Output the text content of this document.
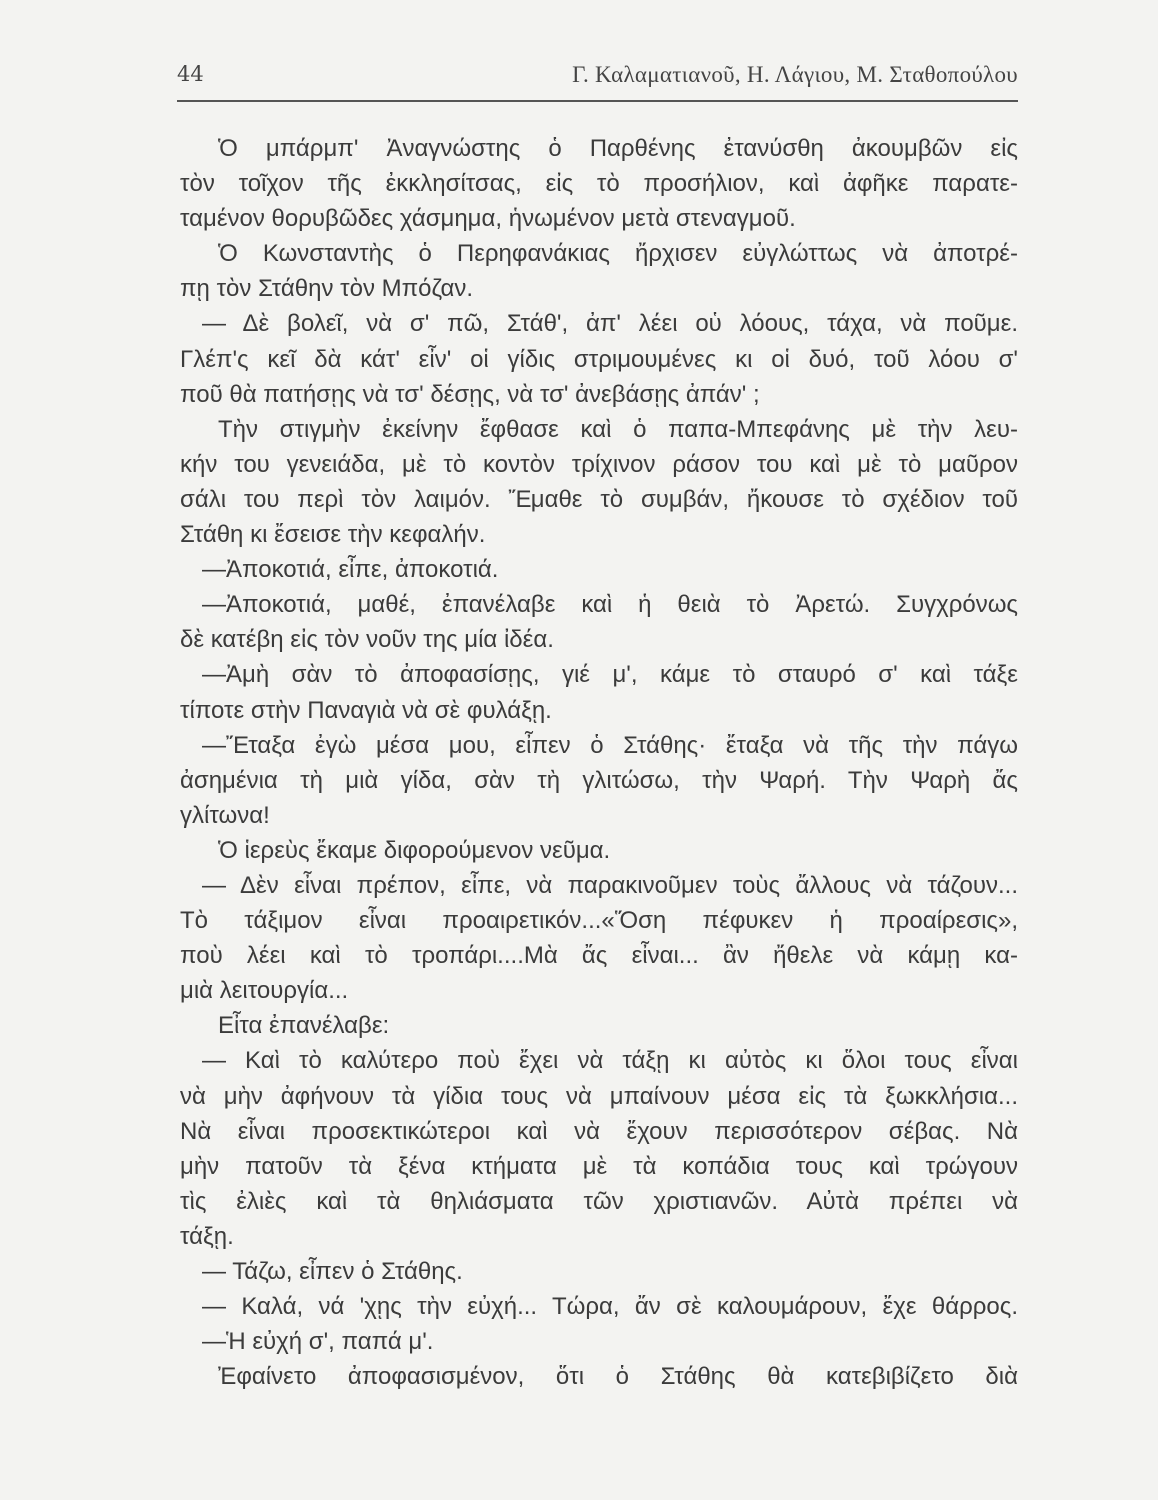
44	Γ. Καλαματιανοῦ, Η. Λάγιου, Μ. Σταθοπούλου
Ὁ μπάρμπ' Ἀναγνώστης ὁ Παρθένης ἐτανύσθη ἀκουμβῶν εἰς
τὸν τοῖχον τῆς ἐκκλησίτσας, εἰς τὸ προσήλιον, καὶ ἀφῆκε παρατε-
ταμένον θορυβῶδες χάσμημα, ἡνωμένον μετὰ στεναγμοῦ.
Ὁ Κωνσταντὴς ὁ Περηφανάκιας ἤρχισεν εὐγλώττως νὰ ἀποτρέ-
πῃ τὸν Στάθην τὸν Μπόζαν.
— Δὲ βολεῖ, νὰ σ' πῶ, Στάθ', ἀπ' λέει οὑ λόους, τάχα, νὰ ποῦμε.
Γλέπ'ς κεῖ δὰ κάτ' εἶν' οἱ γίδις στριμουμένες κι οἱ δυό, τοῦ λόου σ'
ποῦ θὰ πατήσῃς νὰ τσ' δέσῃς, νὰ τσ' ἀνεβάσῃς ἀπάν' ;
Τὴν στιγμὴν ἐκείνην ἔφθασε καὶ ὁ παπα-Μπεφάνης μὲ τὴν λευ-
κήν του γενειάδα, μὲ τὸ κοντὸν τρίχινον ράσον του καὶ μὲ τὸ μαῦρον
σάλι του περὶ τὸν λαιμόν. Ἔμαθε τὸ συμβάν, ἤκουσε τὸ σχέδιον τοῦ
Στάθη κι ἔσεισε τὴν κεφαλήν.
—Ἀποκοτιά, εἶπε, ἀποκοτιά.
—Ἀποκοτιά, μαθέ, ἐπανέλαβε καὶ ἡ θειὰ τὸ Ἀρετώ. Συγχρόνως
δὲ κατέβη εἰς τὸν νοῦν της μία ἰδέα.
—Ἀμὴ σὰν τὸ ἀποφασίσῃς, γιέ μ', κάμε τὸ σταυρό σ' καὶ τάξε
τίποτε στὴν Παναγιὰ νὰ σὲ φυλάξῃ.
—Ἔταξα ἐγὼ μέσα μου, εἶπεν ὁ Στάθης· ἔταξα νὰ τῆς τὴν πάγω
ἀσημένια τὴ μιὰ γίδα, σὰν τὴ γλιτώσω, τὴν Ψαρή. Τὴν Ψαρὴ ἄς
γλίτωνα!
Ὁ ἱερεὺς ἔκαμε διφορούμενον νεῦμα.
— Δὲν εἶναι πρέπον, εἶπε, νὰ παρακινοῦμεν τοὺς ἄλλους νὰ τάζουν...
Τὸ τάξιμον εἶναι προαιρετικόν...«Ὅση πέφυκεν ἡ προαίρεσις»,
ποὺ λέει καὶ τὸ τροπάρι....Μὰ ἄς εἶναι... ἂν ἤθελε νὰ κάμῃ κα-
μιὰ λειτουργία...
Εἶτα ἐπανέλαβε:
— Καὶ τὸ καλύτερο ποὺ ἔχει νὰ τάξῃ κι αὐτὸς κι ὅλοι τους εἶναι
νὰ μὴν ἀφήνουν τὰ γίδια τους νὰ μπαίνουν μέσα εἰς τὰ ξωκκλήσια...
Νὰ εἶναι προσεκτικώτεροι καὶ νὰ ἔχουν περισσότερον σέβας. Νὰ
μὴν πατοῦν τὰ ξένα κτήματα μὲ τὰ κοπάδια τους καὶ τρώγουν
τὶς ἐλιὲς καὶ τὰ θηλιάσματα τῶν χριστιανῶν. Αὐτὰ πρέπει νὰ
τάξῃ.
— Τάζω, εἶπεν ὁ Στάθης.
— Καλά, νά 'χῃς τὴν εὐχή... Τώρα, ἄν σὲ καλουμάρουν, ἔχε θάρρος.
—Ἡ εὐχή σ', παπά μ'.
Ἐφαίνετο ἀποφασισμένον, ὅτι ὁ Στάθης θὰ κατεβιβίζετο διὰ
